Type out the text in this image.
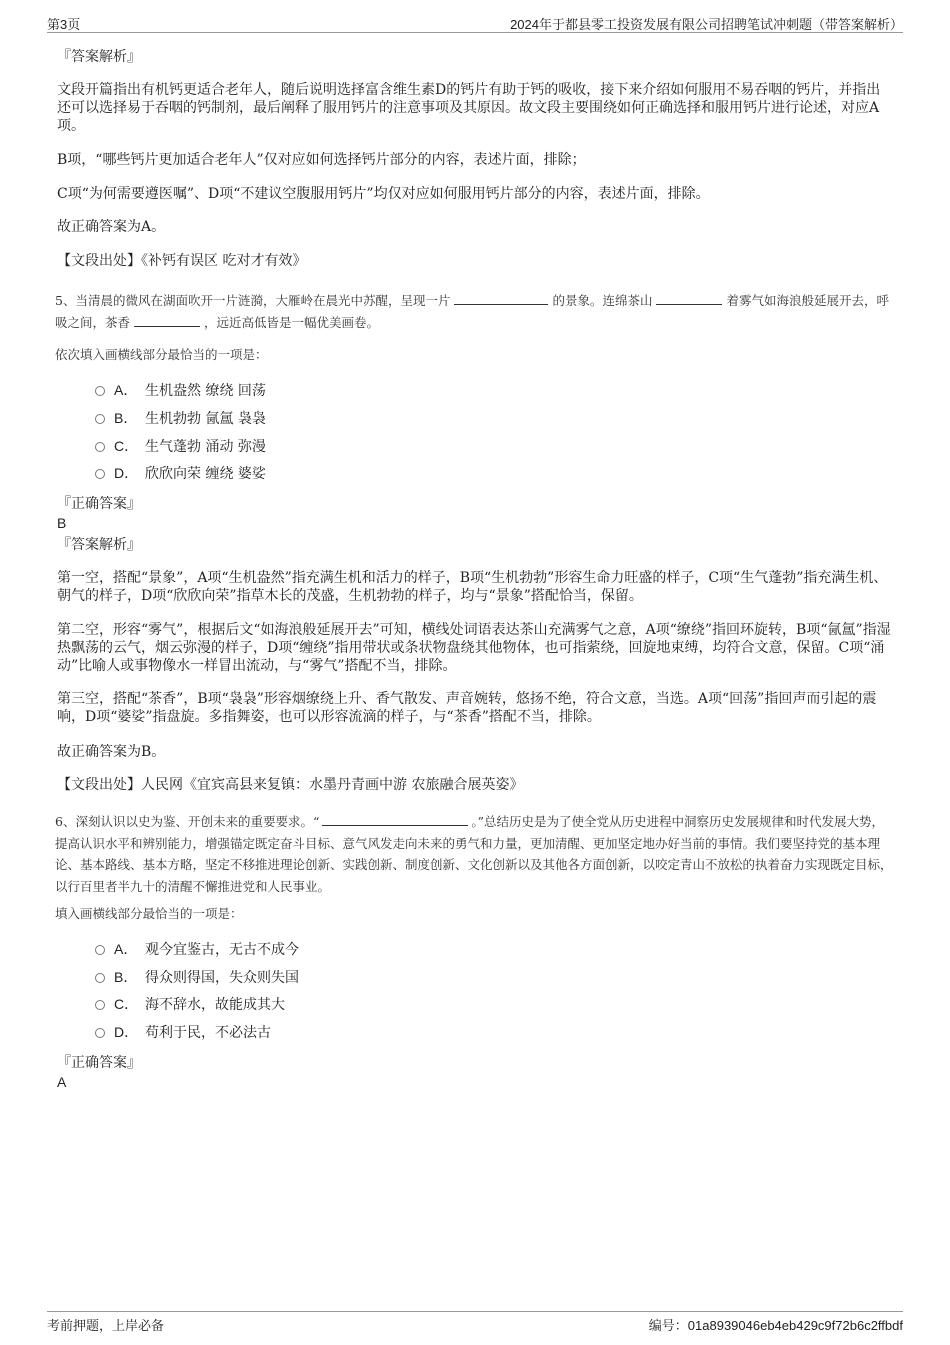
第3页	2024年于都县零工投资发展有限公司招聘笔试冲刺题（带答案解析）

『答案解析』

文段开篇指出有机钙更适合老年人，随后说明选择富含维生素D的钙片有助于钙的吸收，接下来介绍如何服用不易吞咽的钙片，并指出还可以选择易于吞咽的钙制剂，最后阐释了服用钙片的注意事项及其原因。故文段主要围绕如何正确选择和服用钙片进行论述，对应A项。

B项，“哪些钙片更加适合老年人”仅对应如何选择钙片部分的内容，表述片面，排除；

C项“为何需要遵医嘱”、D项“不建议空腹服用钙片”均仅对应如何服用钙片部分的内容，表述片面，排除。

故正确答案为A。

【文段出处】《补钙有误区 吃对才有效》

5、当清晨的微风在湖面吹开一片涟漪，大雁岭在晨光中苏醒，呈现一片	的景象。连绵茶山	着雾气如海浪般延展开去，呼吸之间，茶香	，远近高低皆是一幅优美画卷。

依次填入画横线部分最恰当的一项是：

A． 生机盎然 缭绕 回荡
B． 生机勃勃 氤氲 袅袅
C． 生气蓬勃 涌动 弥漫
D． 欣欣向荣 缠绕 婆娑

『正确答案』

B

『答案解析』

第一空，搭配“景象”，A项“生机盎然”指充满生机和活力的样子，B项“生机勃勃”形容生命力旺盛的样子，C项“生气蓬勃”指充满生机、朝气的样子，D项“欣欣向荣”指草木长的茂盛，生机勃勃的样子，均与“景象”搭配恰当，保留。

第二空，形容“雾气”，根据后文“如海浪般延展开去”可知，横线处词语表达茶山充满雾气之意，A项“缭绕”指回环旋转，B项“氤氲”指湿热飘荡的云气，烟云弥漫的样子，D项“缠绕”指用带状或条状物盘绕其他物体，也可指萦绕，回旋地束缚，均符合文意，保留。C项“涌动”比喻人或事物像水一样冒出流动，与“雾气”搭配不当，排除。

第三空，搭配“茶香”，B项“袅袅”形容烟缭绕上升、香气散发、声音婉转，悠扬不绝，符合文意，当选。A项“回荡”指回声而引起的震响，D项“婆娑”指盘旋。多指舞姿，也可以形容流滴的样子，与“茶香”搭配不当，排除。

故正确答案为B。

【文段出处】人民网《宜宾高县来复镇：水墨丹青画中游 农旅融合展英姿》

6、深刻认识以史为鉴、开创未来的重要要求。“	。”总结历史是为了使全党从历史进程中洞察历史发展规律和时代发展大势，提高认识水平和辨别能力，增强锚定既定奋斗目标、意气风发走向未来的勇气和力量，更加清醒、更加坚定地办好当前的事情。我们要坚持党的基本理论、基本路线、基本方略，坚定不移推进理论创新、实践创新、制度创新、文化创新以及其他各方面创新，以咬定青山不放松的执着奋力实现既定目标，以行百里者半九十的清醒不懈推进党和人民事业。

填入画横线部分最恰当的一项是：

A． 观今宜鉴古，无古不成今
B． 得众则得国，失众则失国
C． 海不辞水，故能成其大
D． 苟利于民，不必法古

『正确答案』

A

考前押题，上岸必备	编号：01a8939046eb4eb429c9f72b6c2ffbdf
